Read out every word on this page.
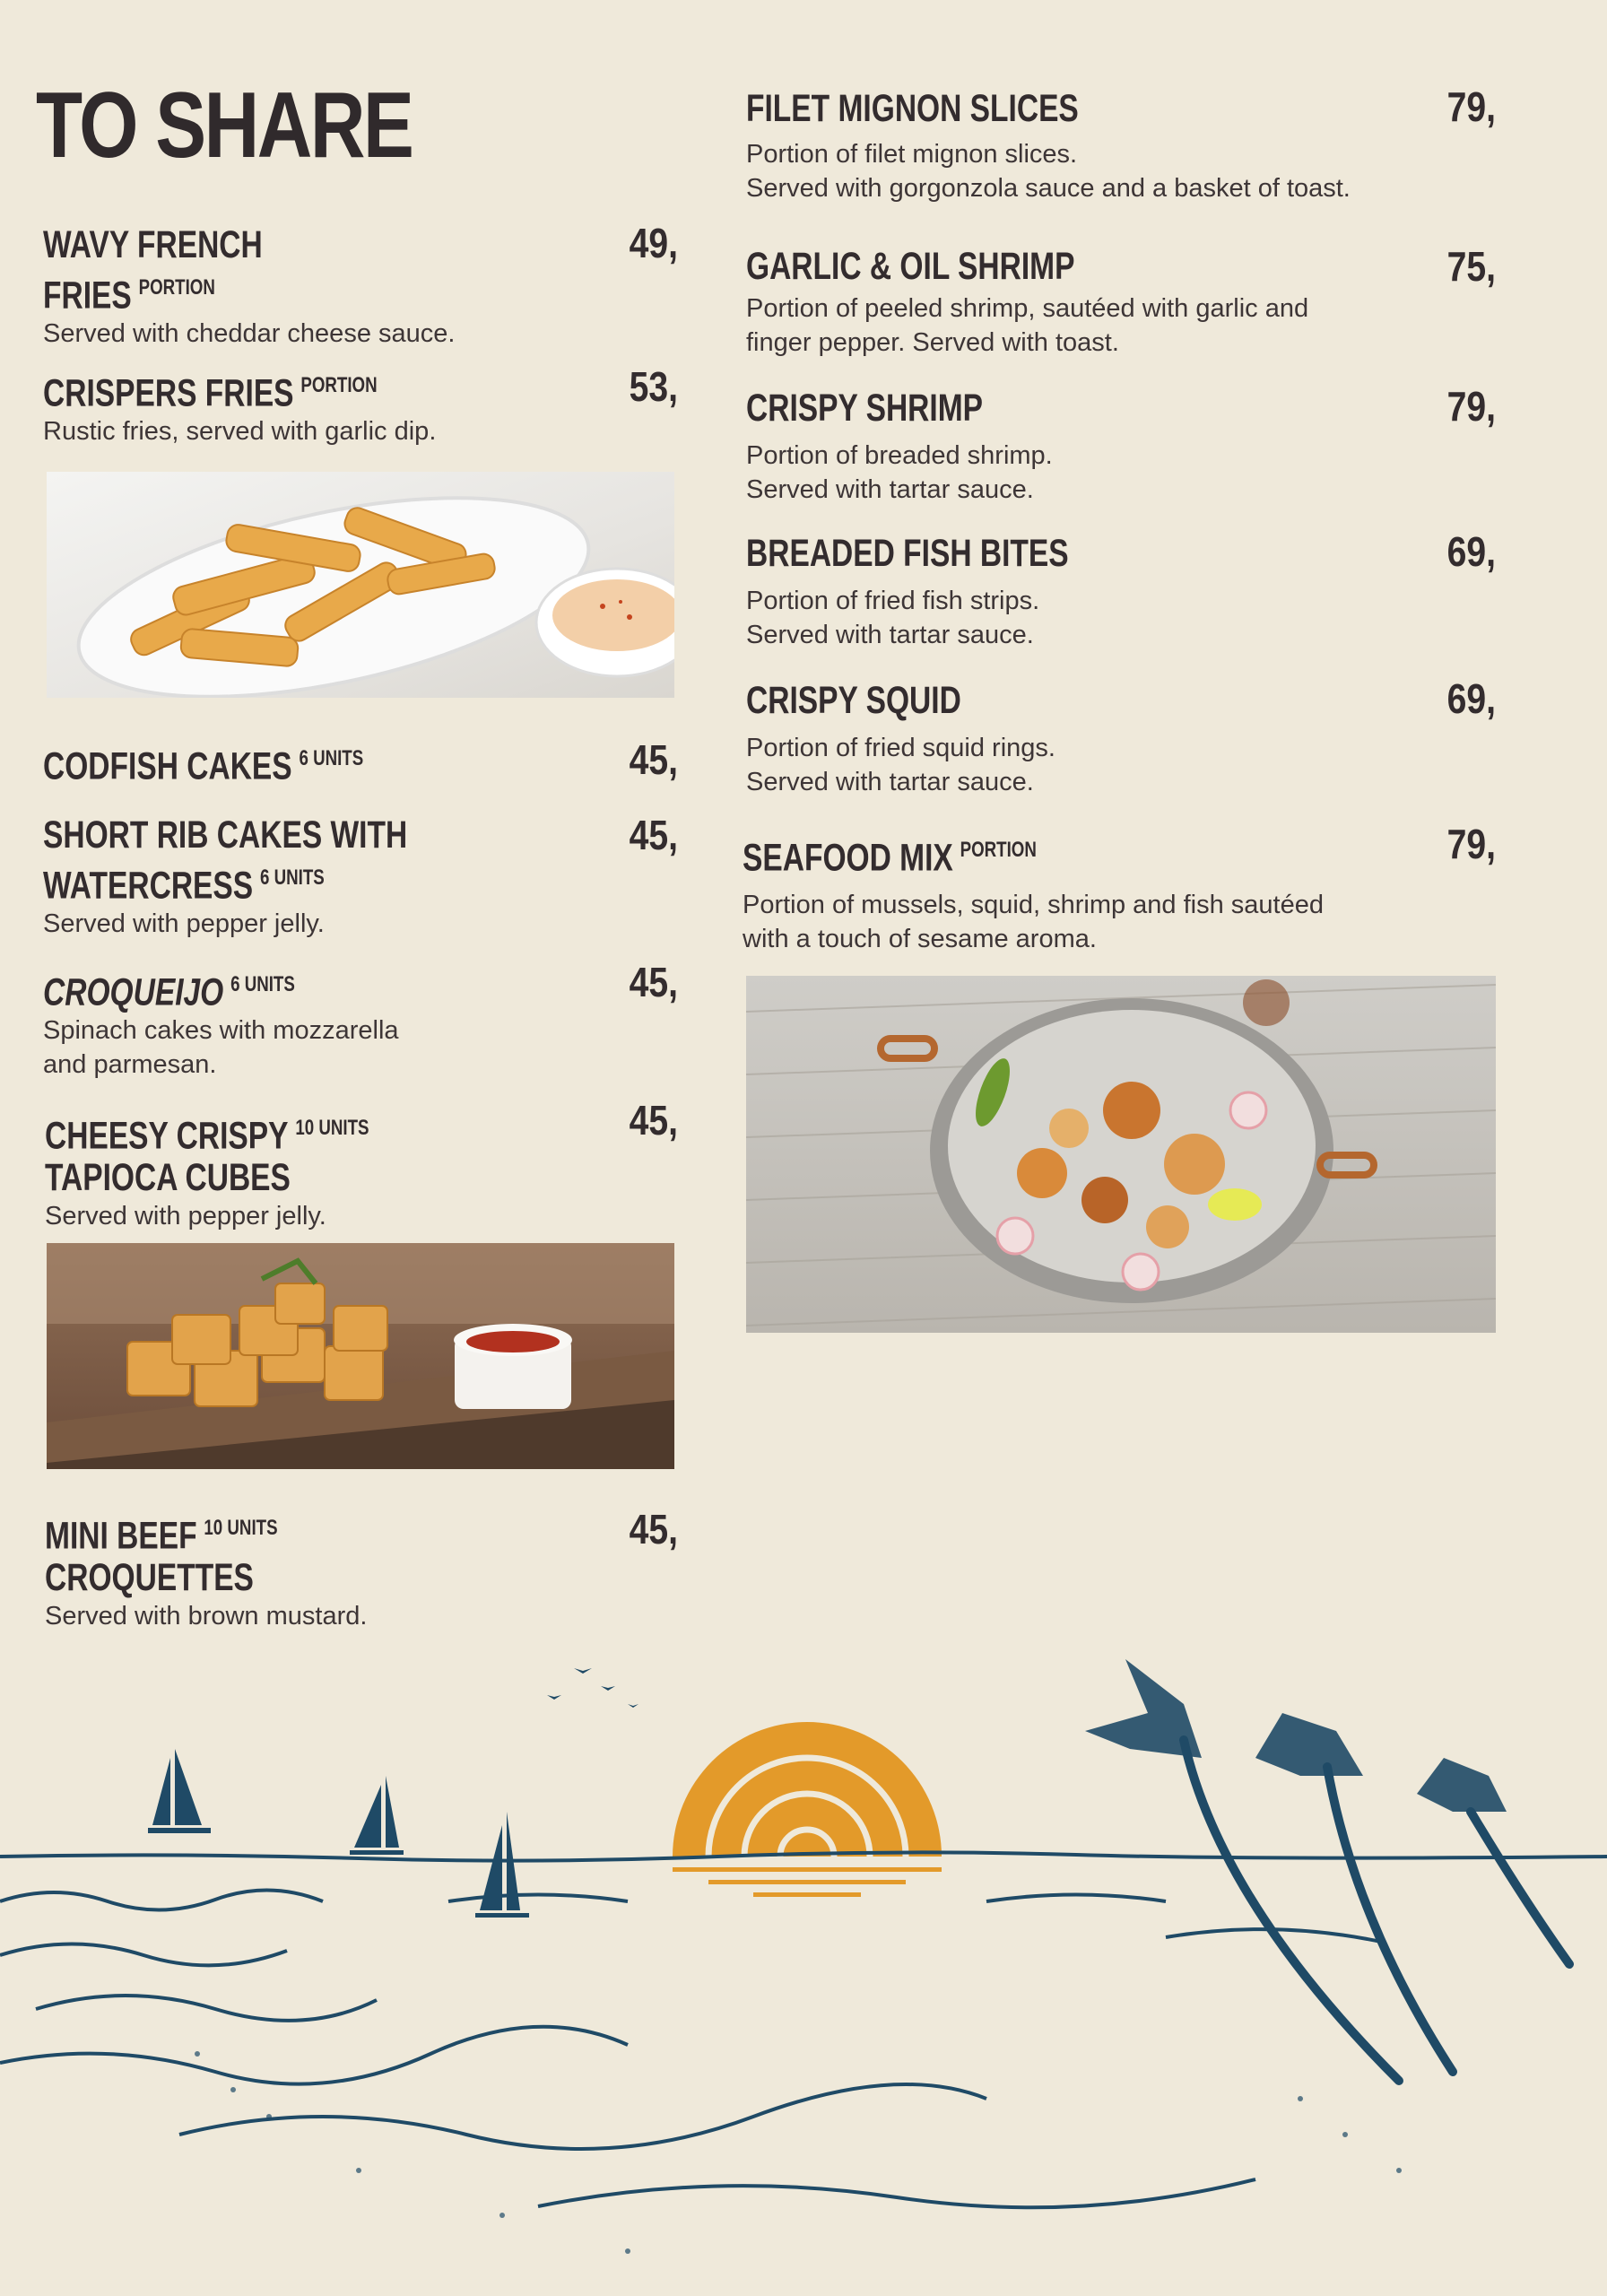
TO SHARE
WAVY FRENCH
FRIES $^{PORTION}$
Served with cheddar cheese sauce.
49,
CRISPERS FRIES $^{PORTION}$
Rustic fries, served with garlic dip.
53,
CODFISH CAKES $^{6 UNITS}$	45,
SHORT RIB CAKES WITH
WATERCRESS $^{6 UNITS}$
Served with pepper jelly.
45,
CROQUEIJO $^{6 UNITS}$
Spinach cakes with mozzarella
and parmesan.
45,
CHEESY CRISPY $^{10 UNITS}$
TAPIOCA CUBES
Served with pepper jelly.
45,
MINI BEEF $^{10 UNITS}$
CROQUETTES
Served with brown mustard.
45,
FILET MIGNON SLICES
Portion of filet mignon slices.
Served with gorgonzola sauce and a basket of toast.
79,
GARLIC & OIL SHRIMP
Portion of peeled shrimp, sautéed with garlic and
finger pepper. Served with toast.
75,
CRISPY SHRIMP
Portion of breaded shrimp.
Served with tartar sauce.
79,
BREADED FISH BITES
Portion of fried fish strips.
Served with tartar sauce.
69,
CRISPY SQUID
Portion of fried squid rings.
Served with tartar sauce.
69,
SEAFOOD MIX $^{PORTION}$
Portion of mussels, squid, shrimp and fish sautéed
with a touch of sesame aroma.
79,
